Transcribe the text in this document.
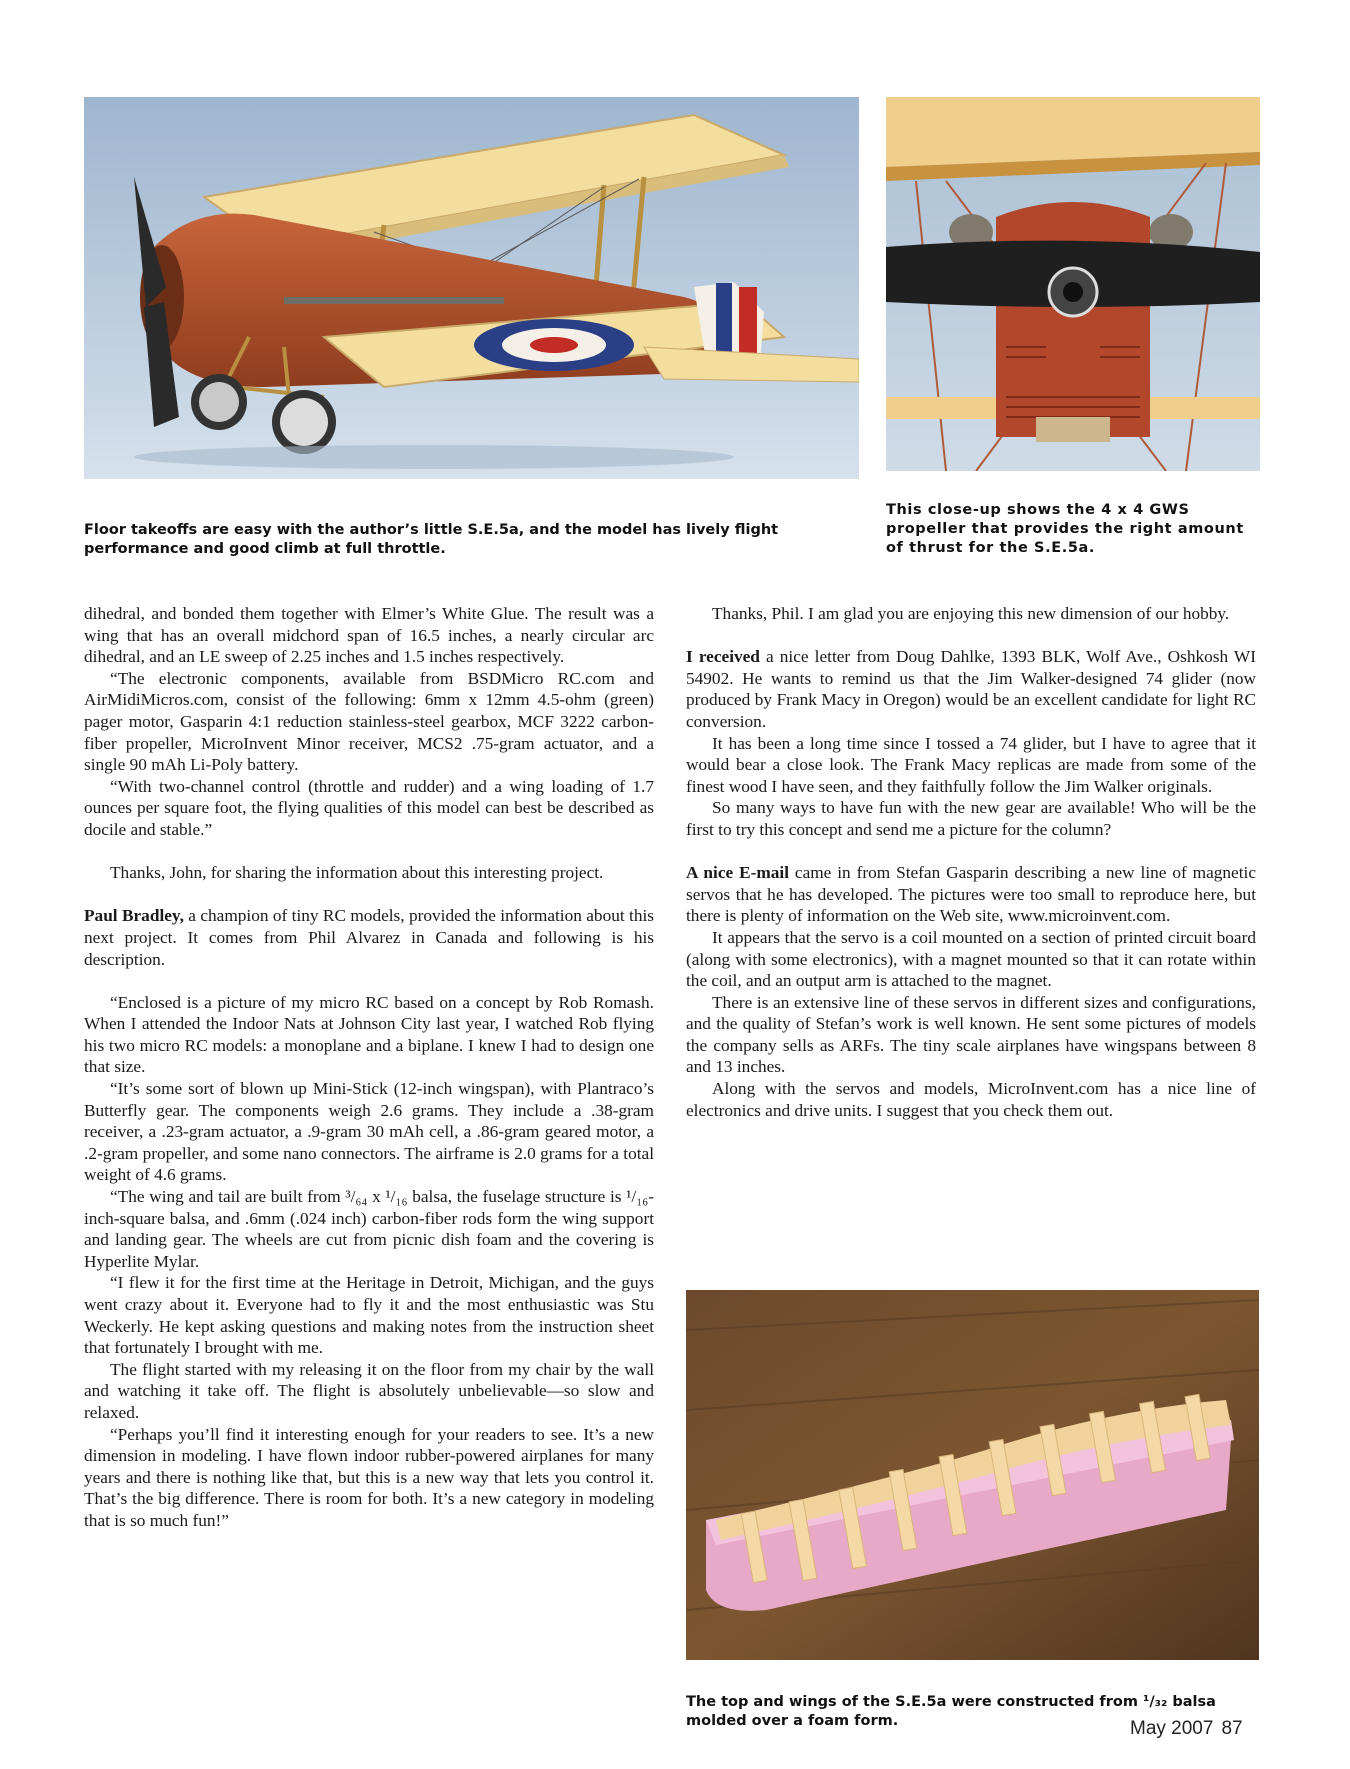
Floor takeoffs are easy with the author’s little S.E.5a, and the model has lively flight performance and good climb at full throttle.
This close-up shows the 4 x 4 GWS propeller that provides the right amount of thrust for the S.E.5a.

dihedral, and bonded them together with Elmer’s White Glue. The result was a wing that has an overall midchord span of 16.5 inches, a nearly circular arc dihedral, and an LE sweep of 2.25 inches and 1.5 inches respectively.

“The electronic components, available from BSDMicro RC.com and AirMidiMicros.com, consist of the following: 6mm x 12mm 4.5-ohm (green) pager motor, Gasparin 4:1 reduction stainless-steel gearbox, MCF 3222 carbon-fiber propeller, MicroInvent Minor receiver, MCS2 .75-gram actuator, and a single 90 mAh Li-Poly battery.

“With two-channel control (throttle and rudder) and a wing loading of 1.7 ounces per square foot, the flying qualities of this model can best be described as docile and stable.”

Thanks, John, for sharing the information about this interesting project.

Paul Bradley, a champion of tiny RC models, provided the information about this next project. It comes from Phil Alvarez in Canada and following is his description.

“Enclosed is a picture of my micro RC based on a concept by Rob Romash. When I attended the Indoor Nats at Johnson City last year, I watched Rob flying his two micro RC models: a monoplane and a biplane. I knew I had to design one that size.

“It’s some sort of blown up Mini-Stick (12-inch wingspan), with Plantraco’s Butterfly gear. The components weigh 2.6 grams. They include a .38-gram receiver, a .23-gram actuator, a .9-gram 30 mAh cell, a .86-gram geared motor, a .2-gram propeller, and some nano connectors. The airframe is 2.0 grams for a total weight of 4.6 grams.

“The wing and tail are built from ³/₆₄ x ¹/₁₆ balsa, the fuselage structure is ¹/₁₆-inch-square balsa, and .6mm (.024 inch) carbon-fiber rods form the wing support and landing gear. The wheels are cut from picnic dish foam and the covering is Hyperlite Mylar.

“I flew it for the first time at the Heritage in Detroit, Michigan, and the guys went crazy about it. Everyone had to fly it and the most enthusiastic was Stu Weckerly. He kept asking questions and making notes from the instruction sheet that fortunately I brought with me.

The flight started with my releasing it on the floor from my chair by the wall and watching it take off. The flight is absolutely unbelievable—so slow and relaxed.

“Perhaps you’ll find it interesting enough for your readers to see. It’s a new dimension in modeling. I have flown indoor rubber-powered airplanes for many years and there is nothing like that, but this is a new way that lets you control it. That’s the big difference. There is room for both. It’s a new category in modeling that is so much fun!”

Thanks, Phil. I am glad you are enjoying this new dimension of our hobby.

I received a nice letter from Doug Dahlke, 1393 BLK, Wolf Ave., Oshkosh WI 54902. He wants to remind us that the Jim Walker-designed 74 glider (now produced by Frank Macy in Oregon) would be an excellent candidate for light RC conversion.

It has been a long time since I tossed a 74 glider, but I have to agree that it would bear a close look. The Frank Macy replicas are made from some of the finest wood I have seen, and they faithfully follow the Jim Walker originals.

So many ways to have fun with the new gear are available! Who will be the first to try this concept and send me a picture for the column?

A nice E-mail came in from Stefan Gasparin describing a new line of magnetic servos that he has developed. The pictures were too small to reproduce here, but there is plenty of information on the Web site, www.microinvent.com.

It appears that the servo is a coil mounted on a section of printed circuit board (along with some electronics), with a magnet mounted so that it can rotate within the coil, and an output arm is attached to the magnet.

There is an extensive line of these servos in different sizes and configurations, and the quality of Stefan’s work is well known. He sent some pictures of models the company sells as ARFs. The tiny scale airplanes have wingspans between 8 and 13 inches.

Along with the servos and models, MicroInvent.com has a nice line of electronics and drive units. I suggest that you check them out.

The top and wings of the S.E.5a were constructed from ¹/₃₂ balsa molded over a foam form.	May 2007 87
